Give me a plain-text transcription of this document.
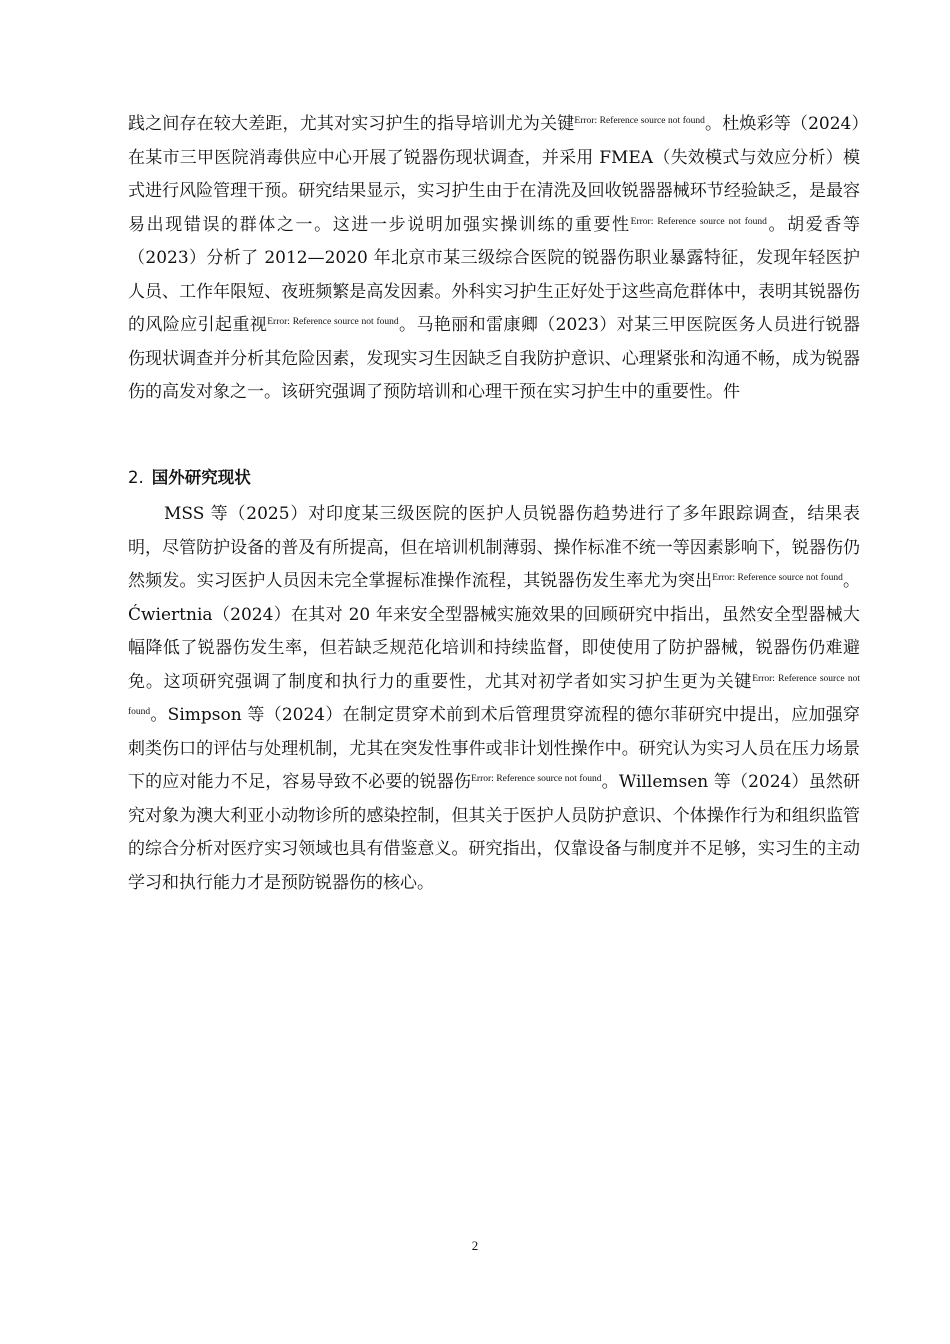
践之间存在较大差距，尤其对实习护生的指导培训尤为关键$^{Error: Reference source not found}$。杜焕彩等（2024）在某市三甲医院消毒供应中心开展了锐器伤现状调查，并采用 FMEA（失效模式与效应分析）模式进行风险管理干预。研究结果显示，实习护生由于在清洗及回收锐器器械环节经验缺乏，是最容易出现错误的群体之一。这进一步说明加强实操训练的重要性$^{Error: Reference source not found}$。胡爱香等（2023）分析了 2012—2020 年北京市某三级综合医院的锐器伤职业暴露特征，发现年轻医护人员、工作年限短、夜班频繁是高发因素。外科实习护生正好处于这些高危群体中，表明其锐器伤的风险应引起重视$^{Error: Reference source not found}$。马艳丽和雷康卿（2023）对某三甲医院医务人员进行锐器伤现状调查并分析其危险因素，发现实习生因缺乏自我防护意识、心理紧张和沟通不畅，成为锐器伤的高发对象之一。该研究强调了预防培训和心理干预在实习护生中的重要性。件

2. 国外研究现状

MSS 等（2025）对印度某三级医院的医护人员锐器伤趋势进行了多年跟踪调查，结果表明，尽管防护设备的普及有所提高，但在培训机制薄弱、操作标准不统一等因素影响下，锐器伤仍然频发。实习医护人员因未完全掌握标准操作流程，其锐器伤发生率尤为突出$^{Error: Reference source not found}$。Ćwiertnia（2024）在其对 20 年来安全型器械实施效果的回顾研究中指出，虽然安全型器械大幅降低了锐器伤发生率，但若缺乏规范化培训和持续监督，即使使用了防护器械，锐器伤仍难避免。这项研究强调了制度和执行力的重要性，尤其对初学者如实习护生更为关键$^{Error: Reference source not found}$。Simpson 等（2024）在制定贯穿术前到术后管理贯穿流程的德尔菲研究中提出，应加强穿刺类伤口的评估与处理机制，尤其在突发性事件或非计划性操作中。研究认为实习人员在压力场景下的应对能力不足，容易导致不必要的锐器伤$^{Error: Reference source not found}$。Willemsen 等（2024）虽然研究对象为澳大利亚小动物诊所的感染控制，但其关于医护人员防护意识、个体操作行为和组织监管的综合分析对医疗实习领域也具有借鉴意义。研究指出，仅靠设备与制度并不足够，实习生的主动学习和执行能力才是预防锐器伤的核心。

2
